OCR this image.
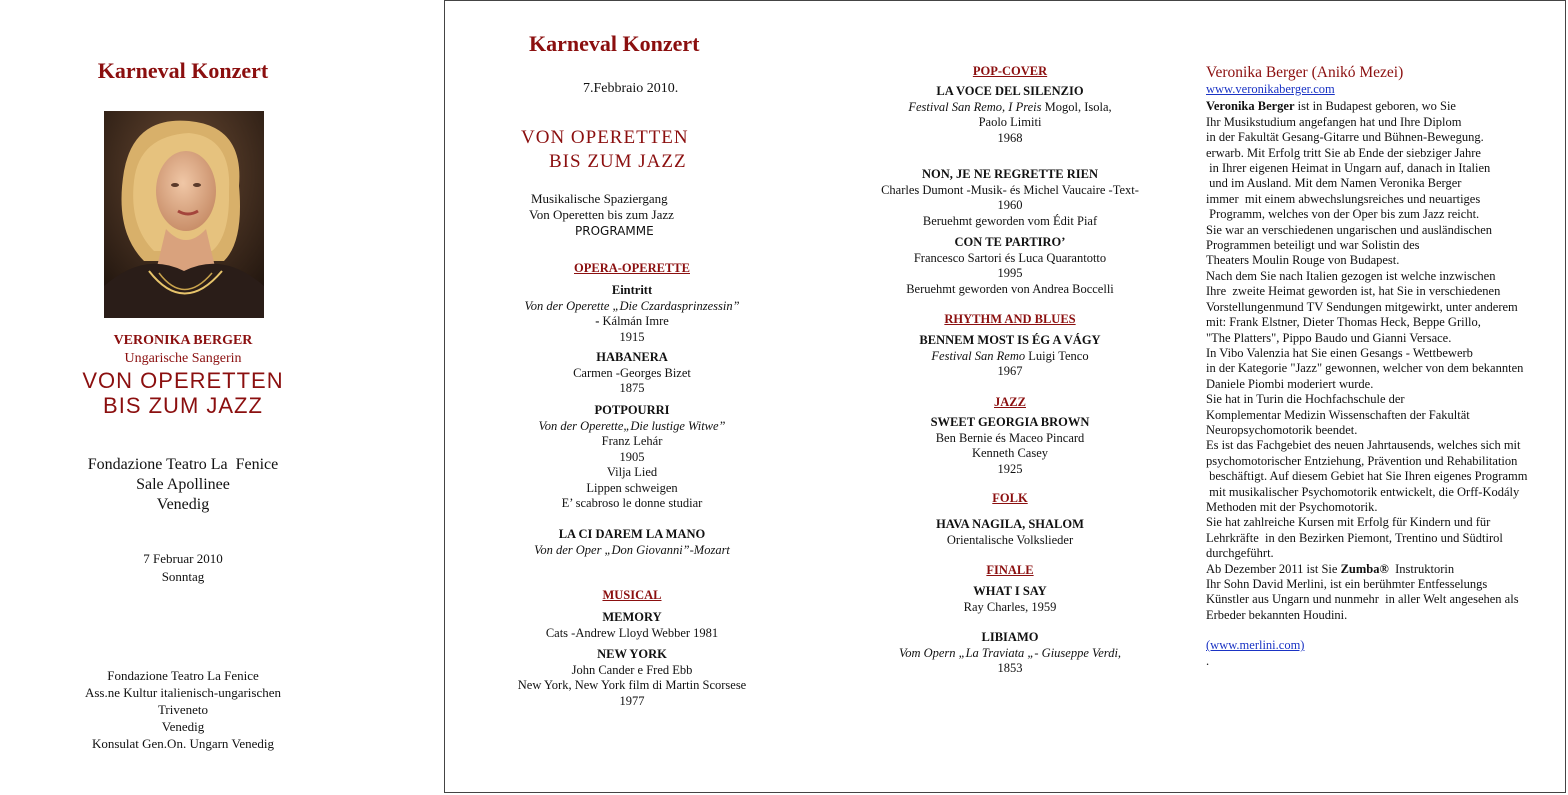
Karneval Konzert
VERONIKA BERGER
Ungarische Sangerin
VON OPERETTEN
BIS ZUM JAZZ
Fondazione Teatro La  Fenice
Sale Apollinee
Venedig
7 Februar 2010
Sonntag
Fondazione Teatro La Fenice
Ass.ne Kultur italienisch-ungarischen
Triveneto
Venedig
Konsulat Gen.On. Ungarn Venedig
Karneval Konzert
7.Febbraio 2010.
VON OPERETTEN
BIS ZUM JAZZ
Musikalische Spaziergang
Von Operetten bis zum Jazz
PROGRAMME
OPERA-OPERETTE
Eintritt
Von der Operette „Die Czardasprinzessin”
- Kálmán Imre
1915
HABANERA
Carmen -Georges Bizet
1875
POTPOURRI
Von der Operette„Die lustige Witwe”
Franz Lehár
1905
Vilja Lied
Lippen schweigen
E’ scabroso le donne studiar
LA CI DAREM LA MANO
Von der Oper „Don Giovanni”-Mozart
MUSICAL
MEMORY
Cats -Andrew Lloyd Webber 1981
NEW YORK
John Cander e Fred Ebb
New York, New York film di Martin Scorsese
1977
POP-COVER
LA VOCE DEL SILENZIO
Festival San Remo, I Preis Mogol, Isola,
Paolo Limiti
1968
NON, JE NE REGRETTE RIEN
Charles Dumont -Musik- és Michel Vaucaire -Text-
1960
Beruehmt geworden vom Édit Piaf
CON TE PARTIRO’
Francesco Sartori és Luca Quarantotto
1995
Beruehmt geworden von Andrea Boccelli
RHYTHM AND BLUES
BENNEM MOST IS ÉG A VÁGY
Festival San Remo Luigi Tenco
1967
JAZZ
SWEET GEORGIA BROWN
Ben Bernie és Maceo Pincard
Kenneth Casey
1925
FOLK
HAVA NAGILA, SHALOM
Orientalische Volkslieder
FINALE
WHAT I SAY
Ray Charles, 1959
LIBIAMO
Vom Opern „La Traviata „- Giuseppe Verdi,
1853
Veronika Berger (Anikó Mezei)
www.veronikaberger.com
Veronika Berger ist in Budapest geboren, wo Sie
Ihr Musikstudium angefangen hat und Ihre Diplom
in der Fakultät Gesang-Gitarre und Bühnen-Bewegung.
erwarb. Mit Erfolg tritt Sie ab Ende der siebziger Jahre
in Ihrer eigenen Heimat in Ungarn auf, danach in Italien
und im Ausland. Mit dem Namen Veronika Berger
immer  mit einem abwechslungsreiches und neuartiges
Programm, welches von der Oper bis zum Jazz reicht.
Sie war an verschiedenen ungarischen und ausländischen
Programmen beteiligt und war Solistin des
Theaters Moulin Rouge von Budapest.
Nach dem Sie nach Italien gezogen ist welche inzwischen
Ihre  zweite Heimat geworden ist, hat Sie in verschiedenen
Vorstellungenmund TV Sendungen mitgewirkt, unter anderem
mit: Frank Elstner, Dieter Thomas Heck, Beppe Grillo,
"The Platters", Pippo Baudo und Gianni Versace.
In Vibo Valenzia hat Sie einen Gesangs - Wettbewerb
in der Kategorie "Jazz" gewonnen, welcher von dem bekannten
Daniele Piombi moderiert wurde.
Sie hat in Turin die Hochfachschule der
Komplementar Medizin Wissenschaften der Fakultät
Neuropsychomotorik beendet.
Es ist das Fachgebiet des neuen Jahrtausends, welches sich mit
psychomotorischer Entziehung, Prävention und Rehabilitation
beschäftigt. Auf diesem Gebiet hat Sie Ihren eigenes Programm
mit musikalischer Psychomotorik entwickelt, die Orff-Kodály
Methoden mit der Psychomotorik.
Sie hat zahlreiche Kursen mit Erfolg für Kindern und für
Lehrkräfte  in den Bezirken Piemont, Trentino und Südtirol
durchgeführt.
Ab Dezember 2011 ist Sie Zumba®  Instruktorin
Ihr Sohn David Merlini, ist ein berühmter Entfesselungs
Künstler aus Ungarn und nunmehr  in aller Welt angesehen als
Erbeder bekannten Houdini.
(www.merlini.com)
.
